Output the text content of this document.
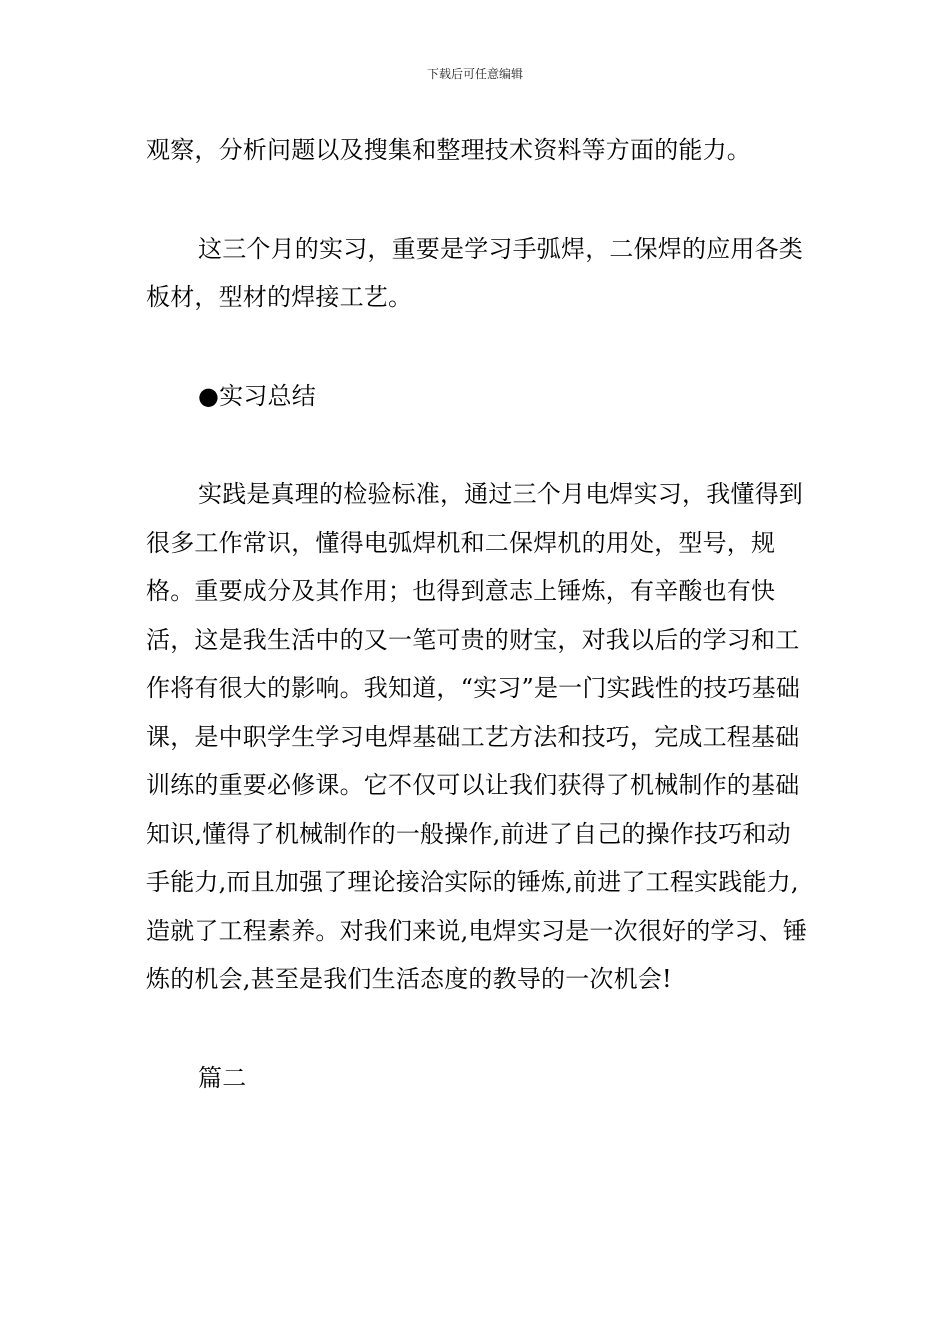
下载后可任意编辑

观察，分析问题以及搜集和整理技术资料等方面的能力。

这三个月的实习，重要是学习手弧焊，二保焊的应用各类板材，型材的焊接工艺。

●实习总结

实践是真理的检验标准，通过三个月电焊实习，我懂得到很多工作常识，懂得电弧焊机和二保焊机的用处，型号，规格。重要成分及其作用；也得到意志上锤炼，有辛酸也有快活，这是我生活中的又一笔可贵的财宝，对我以后的学习和工作将有很大的影响。我知道，“实习”是一门实践性的技巧基础课，是中职学生学习电焊基础工艺方法和技巧，完成工程基础训练的重要必修课。它不仅可以让我们获得了机械制作的基础知识,懂得了机械制作的一般操作,前进了自己的操作技巧和动手能力,而且加强了理论接洽实际的锤炼,前进了工程实践能力,造就了工程素养。对我们来说,电焊实习是一次很好的学习、锤炼的机会,甚至是我们生活态度的教导的一次机会!

篇二
